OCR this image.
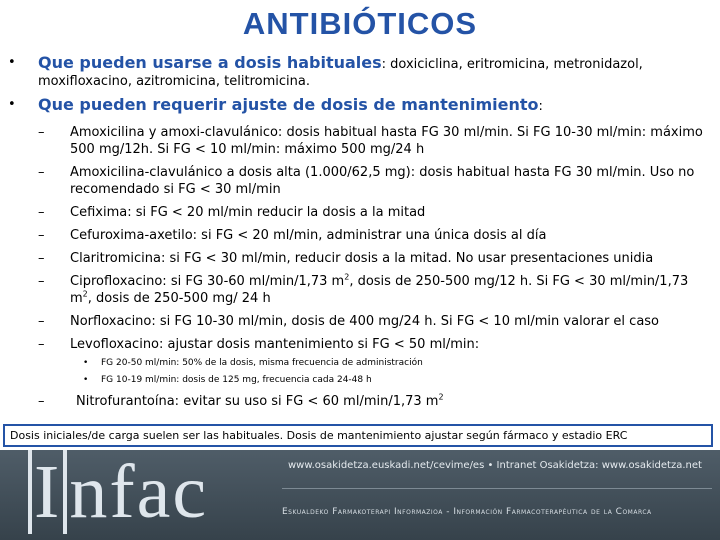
ANTIBIÓTICOS
• Que pueden usarse a dosis habituales: doxiciclina, eritromicina, metronidazol, moxifloxacino, azitromicina, telitromicina.
• Que pueden requerir ajuste de dosis de mantenimiento:
– Amoxicilina y amoxi-clavulánico: dosis habitual hasta FG 30 ml/min. Si FG 10-30 ml/min: máximo 500 mg/12h. Si FG < 10 ml/min: máximo 500 mg/24 h
– Amoxicilina-clavulánico a dosis alta (1.000/62,5 mg): dosis habitual hasta FG 30 ml/min. Uso no recomendado si FG < 30 ml/min
– Cefixima: si FG < 20 ml/min reducir la dosis a la mitad
– Cefuroxima-axetilo: si FG < 20 ml/min, administrar una única dosis al día
– Claritromicina: si FG < 30 ml/min, reducir dosis a la mitad. No usar presentaciones unidia
– Ciprofloxacino: si FG 30-60 ml/min/1,73 $m^2$, dosis de 250-500 mg/12 h. Si FG < 30 ml/min/1,73 $m^2$, dosis de 250-500 mg/ 24 h
– Norfloxacino: si FG 10-30 ml/min, dosis de 400 mg/24 h. Si FG < 10 ml/min valorar el caso
– Levofloxacino: ajustar dosis mantenimiento si FG < 50 ml/min:
• FG 20-50 ml/min: 50% de la dosis, misma frecuencia de administración
• FG 10-19 ml/min: dosis de 125 mg, frecuencia cada 24-48 h
– Nitrofurantoína: evitar su uso si FG < 60 ml/min/1,73 $m^2$
Dosis iniciales/de carga suelen ser las habituales. Dosis de mantenimiento ajustar según fármaco y estadio ERC
I nfac	www.osakidetza.euskadi.net/cevime/es • Intranet Osakidetza: www.osakidetza.net
Eskualdeko Farmakoterapi Informazioa - Información Farmacoterapéutica de la Comarca
